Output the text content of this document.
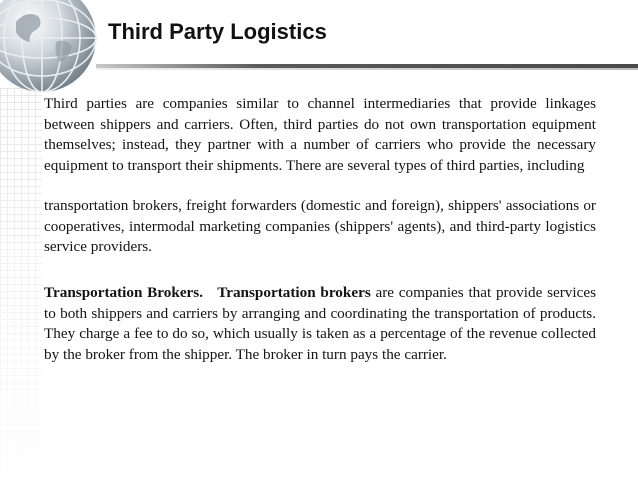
Third Party Logistics

Third parties are companies similar to channel intermediaries that provide linkages between shippers and carriers. Often, third parties do not own transportation equipment themselves; instead, they partner with a number of carriers who provide the necessary equipment to transport their shipments. There are several types of third parties, including

transportation brokers, freight forwarders (domestic and foreign), shippers' associations or cooperatives, intermodal marketing companies (shippers' agents), and third-party logistics service providers.

Transportation Brokers. Transportation brokers are companies that provide services to both shippers and carriers by arranging and coordinating the transportation of products. They charge a fee to do so, which usually is taken as a percentage of the revenue collected by the broker from the shipper. The broker in turn pays the carrier.
